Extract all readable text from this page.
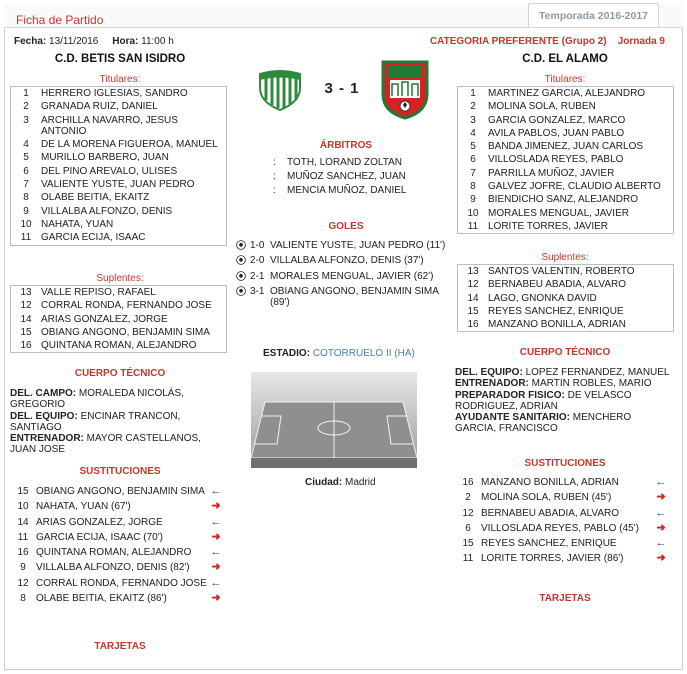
Ficha de Partido	Temporada 2016-2017
Fecha: 13/11/2016 Hora: 11:00 h	CATEGORIA PREFERENTE (Grupo 2) Jornada 9
C.D. BETIS SAN ISIDRO	C.D. EL ALAMO
Titulares:
1	HERRERO IGLESIAS, SANDRO
2	GRANADA RUIZ, DANIEL
3	ARCHILLA NAVARRO, JESUS ANTONIO
4	DE LA MORENA FIGUEROA, MANUEL
5	MURILLO BARBERO, JUAN
6	DEL PINO AREVALO, ULISES
7	VALIENTE YUSTE, JUAN PEDRO
8	OLABE BEITIA, EKAITZ
9	VILLALBA ALFONZO, DENIS
10 NAHATA, YUAN
11 GARCIA ECIJA, ISAAC
Suplentes:
13 VALLE REPISO, RAFAEL
12 CORRAL RONDA, FERNANDO JOSE
14 ARIAS GONZALEZ, JORGE
15 OBIANG ANGONO, BENJAMIN SIMA
16 QUINTANA ROMAN, ALEJANDRO
CUERPO TÉCNICO
DEL. CAMPO: MORALEDA NICOLÁS, GREGORIO
DEL. EQUIPO: ENCINAR TRANCON, SANTIAGO
ENTRENADOR: MAYOR CASTELLANOS, JUAN JOSE
SUSTITUCIONES
15 OBIANG ANGONO, BENJAMIN SIMA ←
10 NAHATA, YUAN (67')	➜
14 ARIAS GONZALEZ, JORGE	←
11 GARCIA ECIJA, ISAAC (70')	➜
16 QUINTANA ROMAN, ALEJANDRO	←
9	VILLALBA ALFONZO, DENIS (82')	➜
12 CORRAL RONDA, FERNANDO JOSE ←
8	OLABE BEITIA, EKAITZ (86')	➜
TARJETAS
3 - 1
ÁRBITROS
: TOTH, LORAND ZOLTAN
: MUÑOZ SANCHEZ, JUAN
: MENCIA MUÑOZ, DANIEL
GOLES
1-0 VALIENTE YUSTE, JUAN PEDRO (11')
2-0 VILLALBA ALFONZO, DENIS (37')
2-1 MORALES MENGUAL, JAVIER (62')
3-1 OBIANG ANGONO, BENJAMIN SIMA (89')
ESTADIO: COTORRUELO II (HA)
Ciudad: Madrid
Titulares:
1	MARTINEZ GARCIA, ALEJANDRO
2	MOLINA SOLA, RUBEN
3	GARCIA GONZALEZ, MARCO
4	AVILA PABLOS, JUAN PABLO
5	BANDA JIMENEZ, JUAN CARLOS
6	VILLOSLADA REYES, PABLO
7	PARRILLA MUÑOZ, JAVIER
8	GALVEZ JOFRE, CLAUDIO ALBERTO
9	BIENDICHO SANZ, ALEJANDRO
10 MORALES MENGUAL, JAVIER
11 LORITE TORRES, JAVIER
Suplentes:
13 SANTOS VALENTIN, ROBERTO
12 BERNABEU ABADIA, ALVARO
14 LAGO, GNONKA DAVID
15 REYES SANCHEZ, ENRIQUE
16 MANZANO BONILLA, ADRIAN
CUERPO TÉCNICO
DEL. EQUIPO: LOPEZ FERNANDEZ, MANUEL
ENTRENADOR: MARTIN ROBLES, MARIO
PREPARADOR FISICO: DE VELASCO RODRIGUEZ, ADRIAN
AYUDANTE SANITARIO: MENCHERO GARCIA, FRANCISCO
SUSTITUCIONES
16 MANZANO BONILLA, ADRIAN	←
2	MOLINA SOLA, RUBEN (45')	➜
12 BERNABEU ABADIA, ALVARO	←
6	VILLOSLADA REYES, PABLO (45')	➜
15 REYES SANCHEZ, ENRIQUE	←
11 LORITE TORRES, JAVIER (86')	➜
TARJETAS
